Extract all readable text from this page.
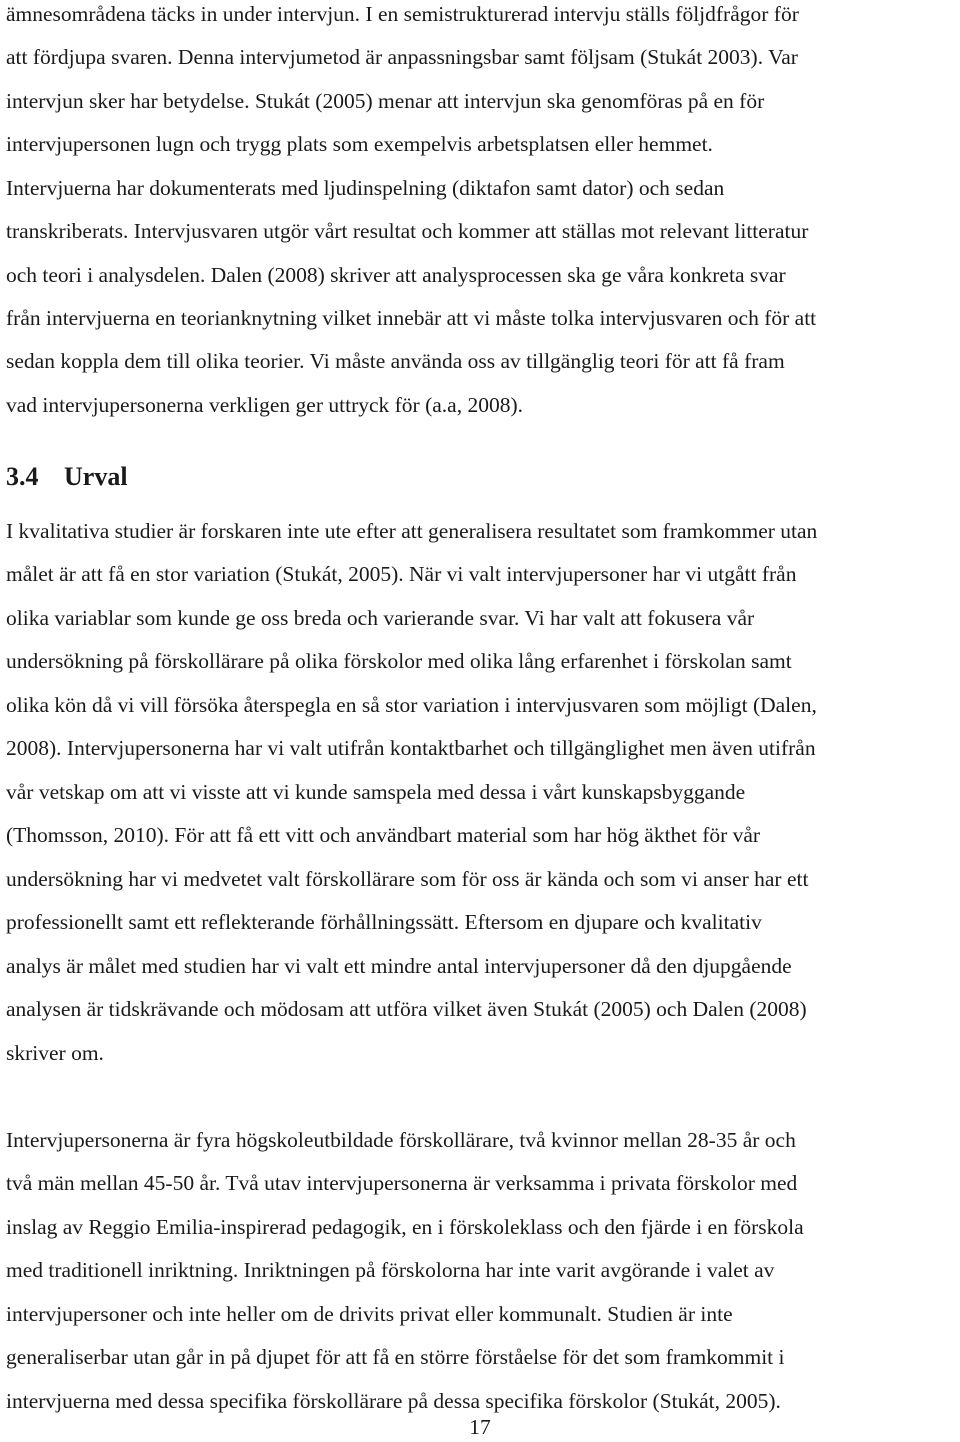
ämnesområdena täcks in under intervjun. I en semistrukturerad intervju ställs följdfrågor för
att fördjupa svaren. Denna intervjumetod är anpassningsbar samt följsam (Stukát 2003). Var
intervjun sker har betydelse. Stukát (2005) menar att intervjun ska genomföras på en för
intervjupersonen lugn och trygg plats som exempelvis arbetsplatsen eller hemmet.
Intervjuerna har dokumenterats med ljudinspelning (diktafon samt dator) och sedan
transkriberats. Intervjusvaren utgör vårt resultat och kommer att ställas mot relevant litteratur
och teori i analysdelen. Dalen (2008) skriver att analysprocessen ska ge våra konkreta svar
från intervjuerna en teorianknytning vilket innebär att vi måste tolka intervjusvaren och för att
sedan koppla dem till olika teorier. Vi måste använda oss av tillgänglig teori för att få fram
vad intervjupersonerna verkligen ger uttryck för (a.a, 2008).
3.4 Urval
I kvalitativa studier är forskaren inte ute efter att generalisera resultatet som framkommer utan
målet är att få en stor variation (Stukát, 2005). När vi valt intervjupersoner har vi utgått från
olika variablar som kunde ge oss breda och varierande svar. Vi har valt att fokusera vår
undersökning på förskollärare på olika förskolor med olika lång erfarenhet i förskolan samt
olika kön då vi vill försöka återspegla en så stor variation i intervjusvaren som möjligt (Dalen,
2008). Intervjupersonerna har vi valt utifrån kontaktbarhet och tillgänglighet men även utifrån
vår vetskap om att vi visste att vi kunde samspela med dessa i vårt kunskapsbyggande
(Thomsson, 2010). För att få ett vitt och användbart material som har hög äkthet för vår
undersökning har vi medvetet valt förskollärare som för oss är kända och som vi anser har ett
professionellt samt ett reflekterande förhållningssätt. Eftersom en djupare och kvalitativ
analys är målet med studien har vi valt ett mindre antal intervjupersoner då den djupgående
analysen är tidskrävande och mödosam att utföra vilket även Stukát (2005) och Dalen (2008)
skriver om.
Intervjupersonerna är fyra högskoleutbildade förskollärare, två kvinnor mellan 28-35 år och
två män mellan 45-50 år. Två utav intervjupersonerna är verksamma i privata förskolor med
inslag av Reggio Emilia-inspirerad pedagogik, en i förskoleklass och den fjärde i en förskola
med traditionell inriktning. Inriktningen på förskolorna har inte varit avgörande i valet av
intervjupersoner och inte heller om de drivits privat eller kommunalt. Studien är inte
generaliserbar utan går in på djupet för att få en större förståelse för det som framkommit i
intervjuerna med dessa specifika förskollärare på dessa specifika förskolor (Stukát, 2005).
17
